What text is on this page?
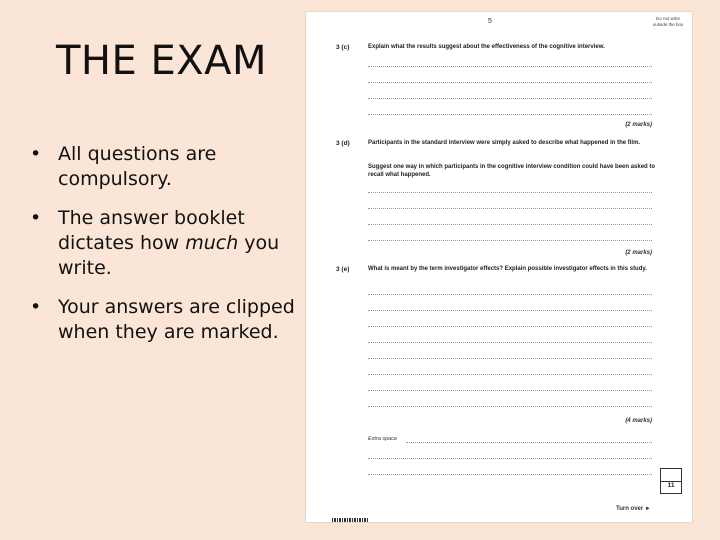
THE EXAM
• All questions are compulsory.
• The answer booklet dictates how much you write.
• Your answers are clipped when they are marked.
5	Do not write outside the box
3 (c)	Explain what the results suggest about the effectiveness of the cognitive interview.
(2 marks)
3 (d)	Participants in the standard interview were simply asked to describe what happened in the film.
Suggest one way in which participants in the cognitive interview condition could have been asked to recall what happened.
(2 marks)
3 (e)	What is meant by the term investigator effects? Explain possible investigator effects in this study.
(4 marks)
Extra space
11
Turn over ►
